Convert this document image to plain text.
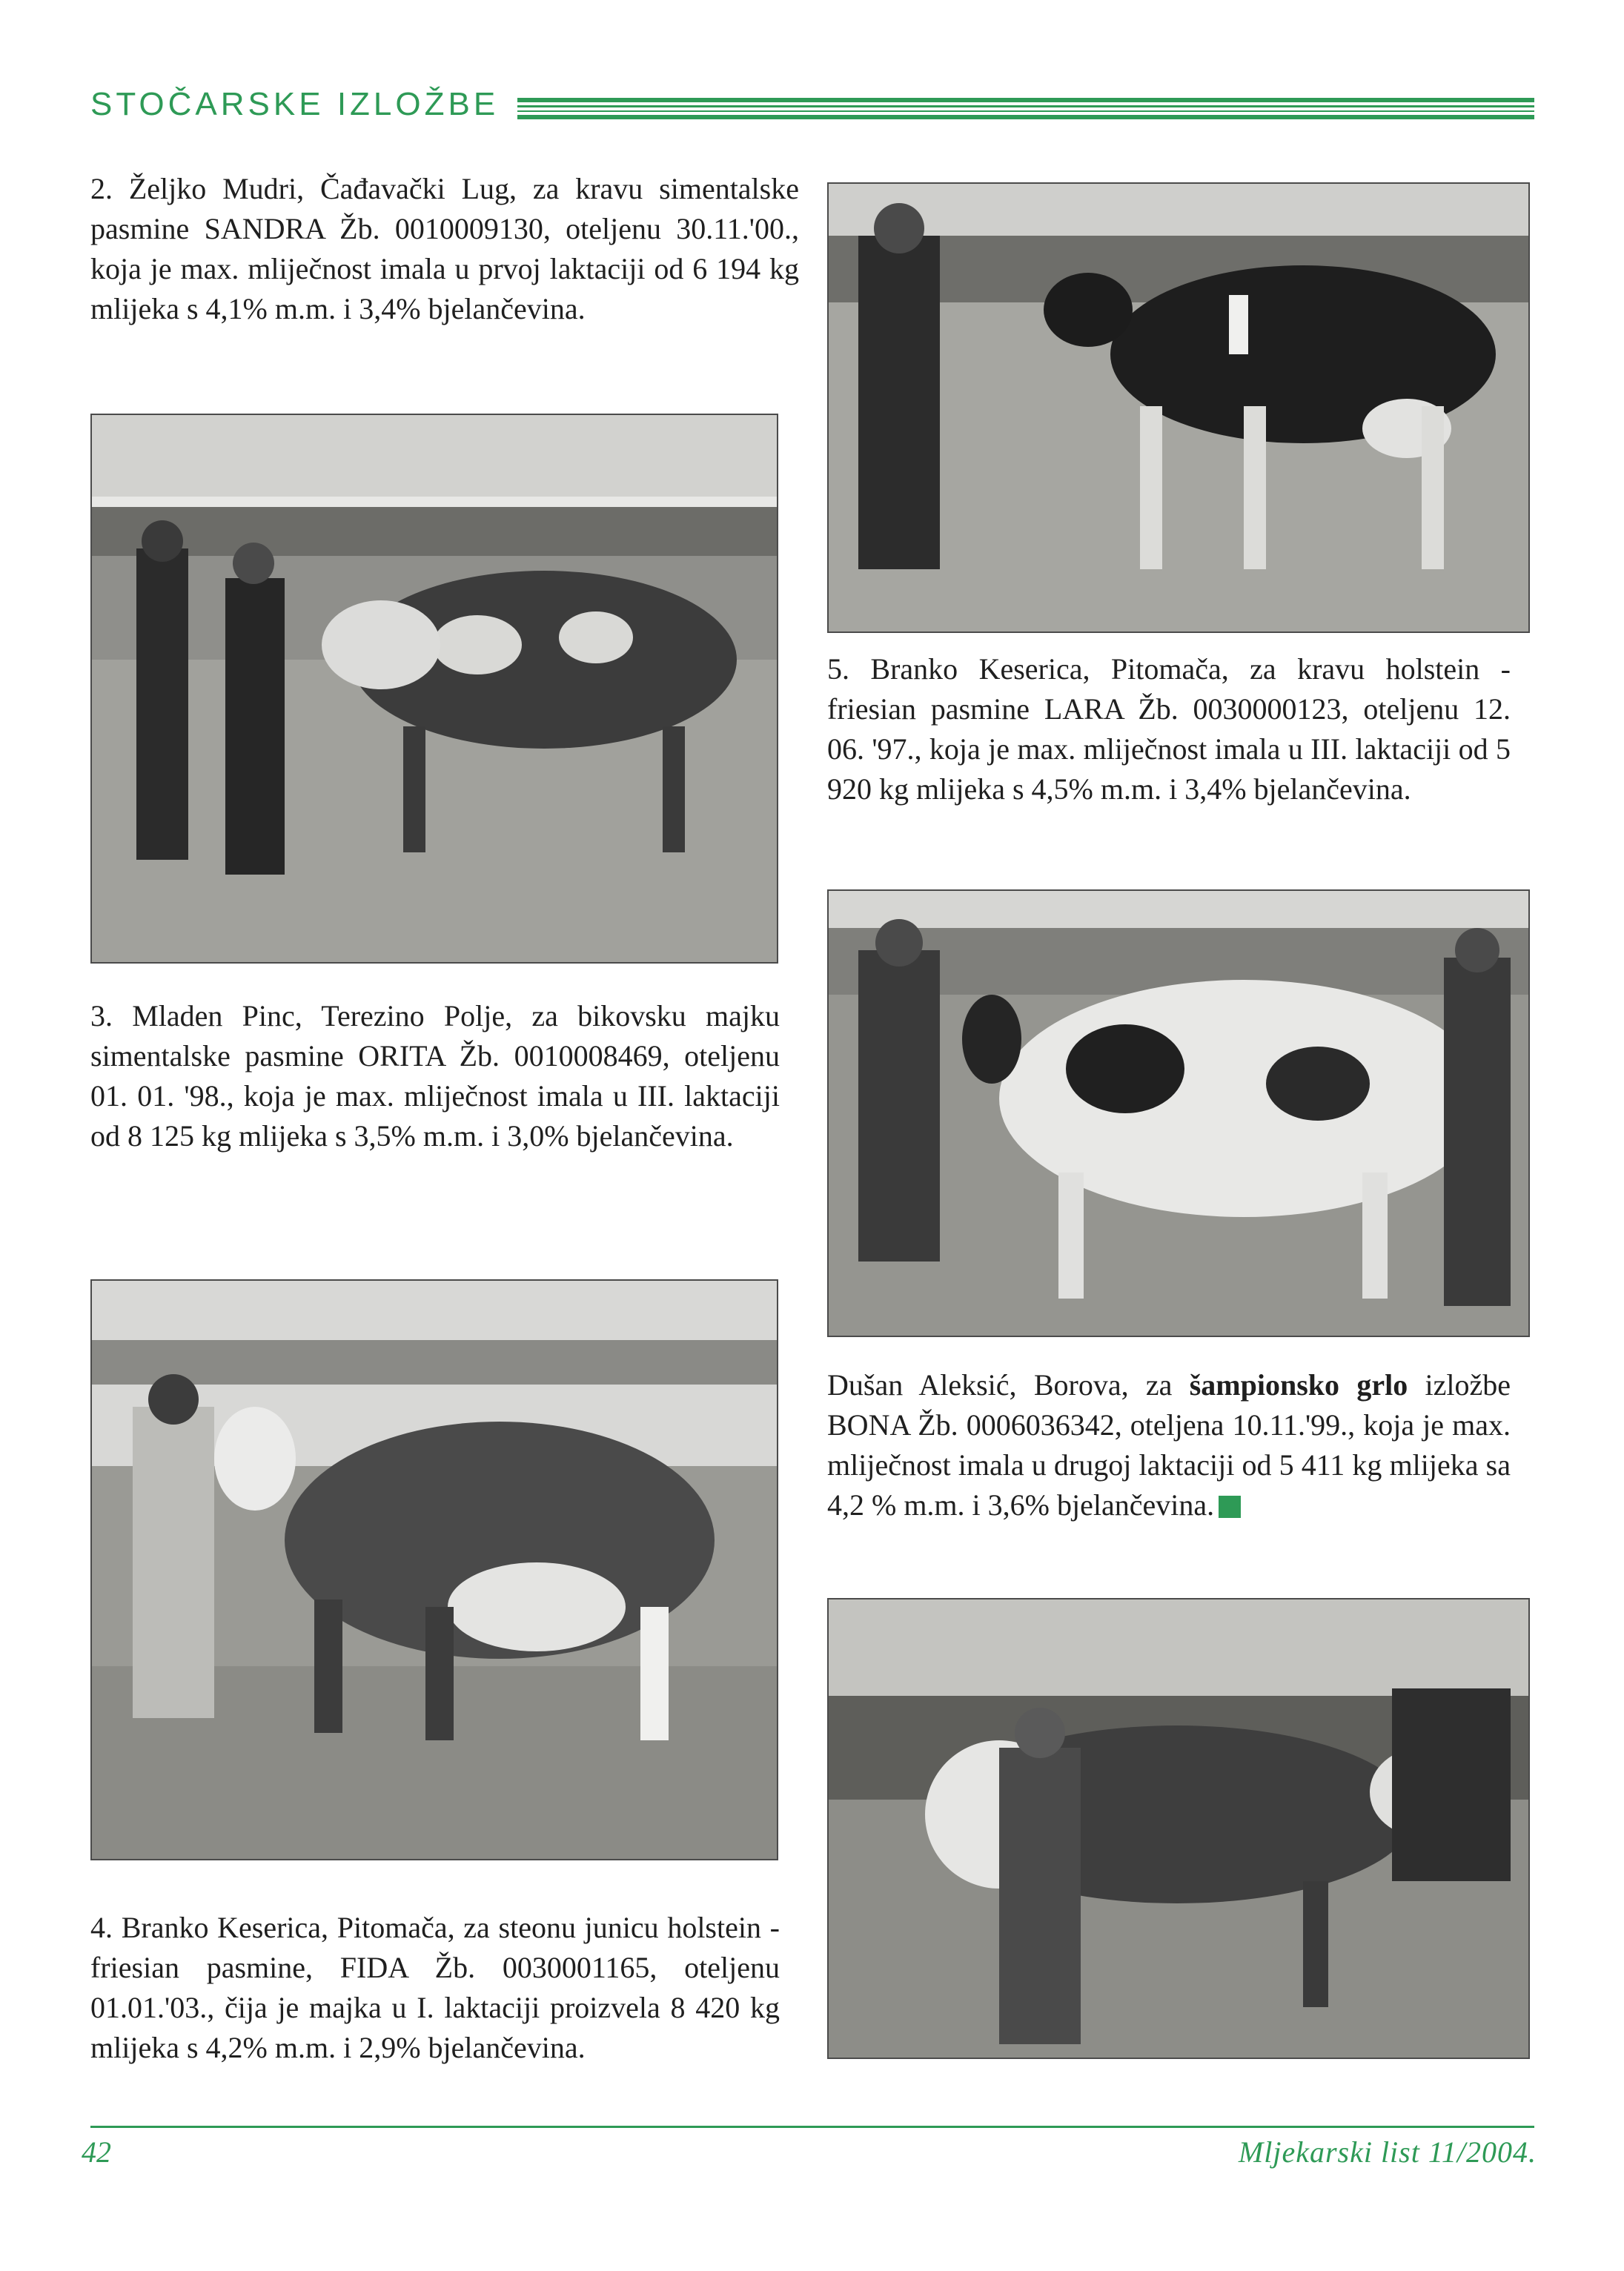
STOČARSKE IZLOŽBE

2. Željko Mudri, Čađavački Lug, za kravu simentalske pasmine SANDRA Žb. 0010009130, oteljenu 30.11.'00., koja je max. mliječnost imala u prvoj laktaciji od 6 194 kg mlijeka s 4,1% m.m. i 3,4% bjelančevina.

3. Mladen Pinc, Terezino Polje, za bikovsku majku simentalske pasmine ORITA Žb. 0010008469, oteljenu 01. 01. '98., koja je max. mliječnost imala u III. laktaciji od 8 125 kg mlijeka s 3,5% m.m. i 3,0% bjelančevina.

4. Branko Keserica, Pitomača, za steonu junicu holstein - friesian pasmine, FIDA Žb. 0030001165, oteljenu 01.01.'03., čija je majka u I. laktaciji proizvela 8 420 kg mlijeka s 4,2% m.m. i 2,9% bjelančevina.

5. Branko Keserica, Pitomača, za kravu holstein - friesian pasmine LARA Žb. 0030000123, oteljenu 12. 06. '97., koja je max. mliječnost imala u III. laktaciji od 5 920 kg mlijeka s 4,5% m.m. i 3,4% bjelančevina.

Dušan Aleksić, Borova, za šampionsko grlo izložbe BONA Žb. 0006036342, oteljena 10.11.'99., koja je max. mliječnost imala u drugoj laktaciji od 5 411 kg mlijeka sa 4,2 % m.m. i 3,6% bjelančevina.

42	Mljekarski list 11/2004.
